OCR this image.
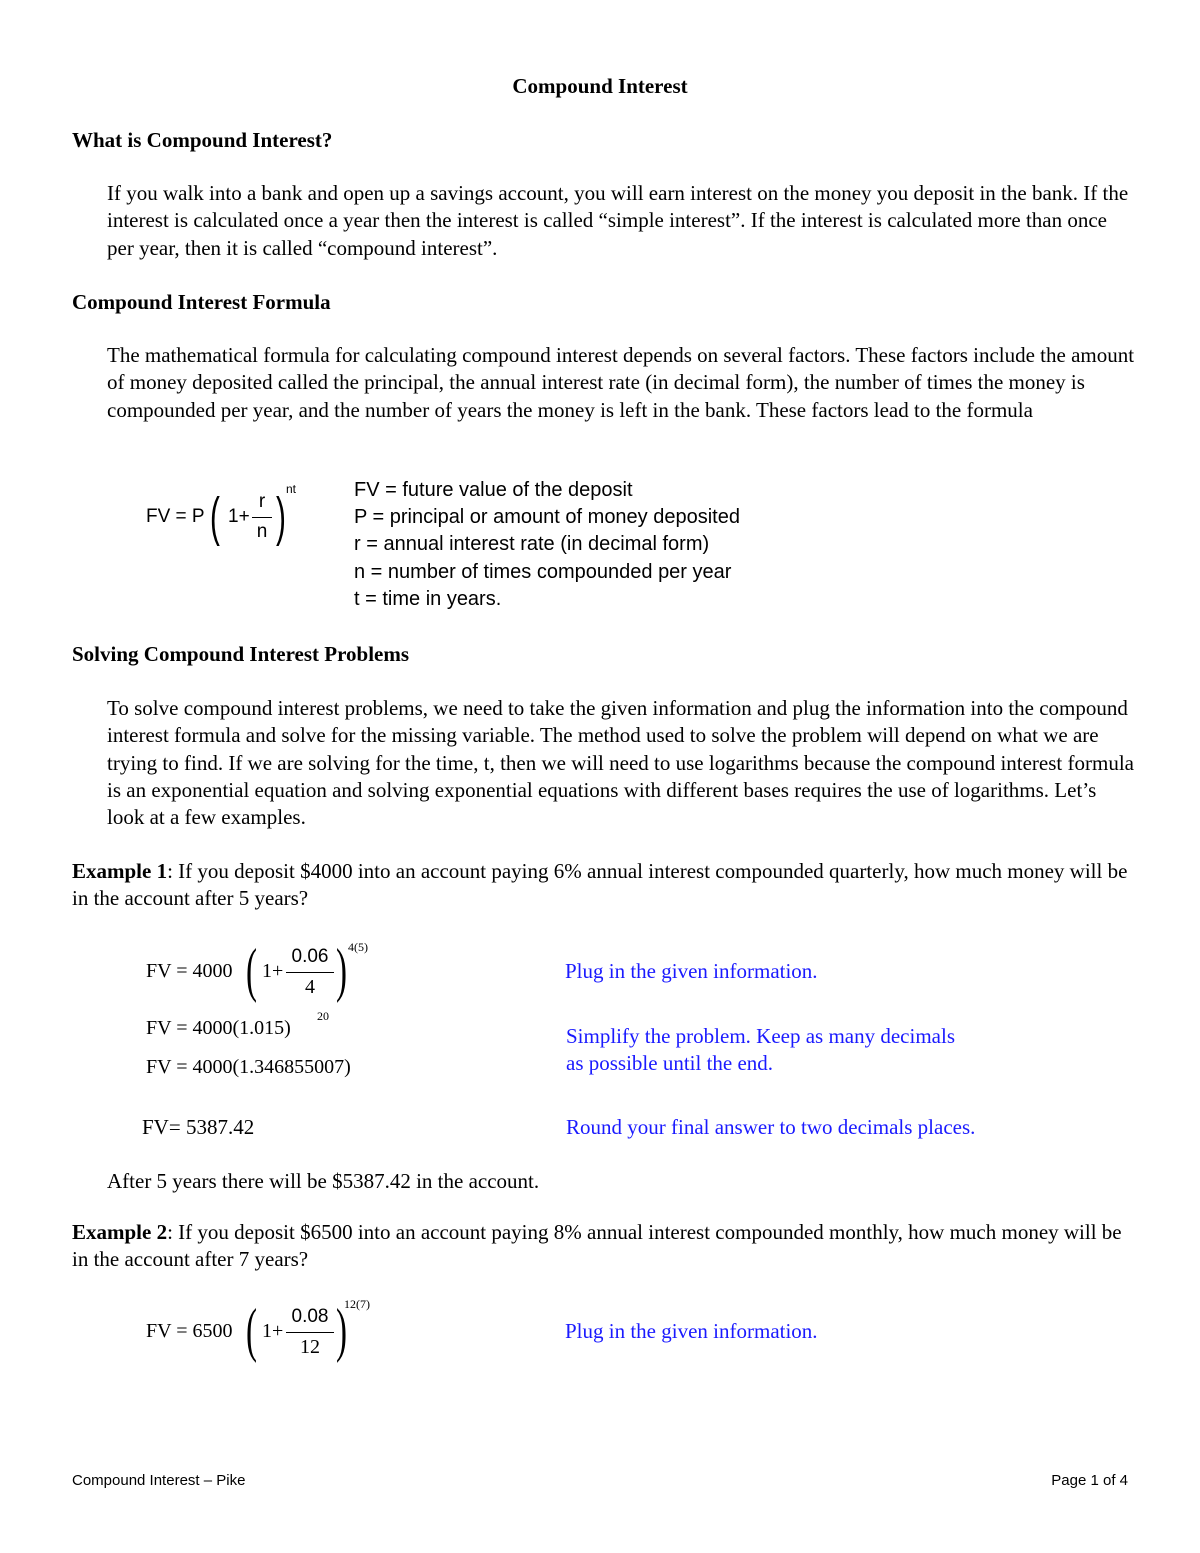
Compound Interest
What is Compound Interest?
If you walk into a bank and open up a savings account, you will earn interest on the money you deposit in the bank. If the interest is calculated once a year then the interest is called “simple interest”. If the interest is calculated more than once per year, then it is called “compound interest”.
Compound Interest Formula
The mathematical formula for calculating compound interest depends on several factors. These factors include the amount of money deposited called the principal, the annual interest rate (in decimal form), the number of times the money is compounded per year, and the number of years the money is left in the bank. These factors lead to the formula
FV = P ( 1+
r
n ) nt	FV = future value of the deposit
P = principal or amount of money deposited
r = annual interest rate (in decimal form)
n = number of times compounded per year
t = time in years.
Solving Compound Interest Problems
To solve compound interest problems, we need to take the given information and plug the information into the compound interest formula and solve for the missing variable. The method used to solve the problem will depend on what we are trying to find. If we are solving for the time, t, then we will need to use logarithms because the compound interest formula is an exponential equation and solving exponential equations with different bases requires the use of logarithms. Let’s look at a few examples.
Example 1: If you deposit $4000 into an account paying 6% annual interest compounded quarterly, how much money will be in the account after 5 years?
FV = 4000 ( 1+
0.06
4 ) 4(5)
Plug in the given information.
FV = 4000(1.015)
20
Simplify the problem. Keep as many decimals
as possible until the end.
FV = 4000(1.346855007)
FV= 5387.42	Round your final answer to two decimals places.
After 5 years there will be $5387.42 in the account.
Example 2: If you deposit $6500 into an account paying 8% annual interest compounded monthly, how much money will be in the account after 7 years?
FV = 6500 ( 1+
0.08
12 )
12(7)
Plug in the given information.
Compound Interest – Pike	Page 1 of 4
